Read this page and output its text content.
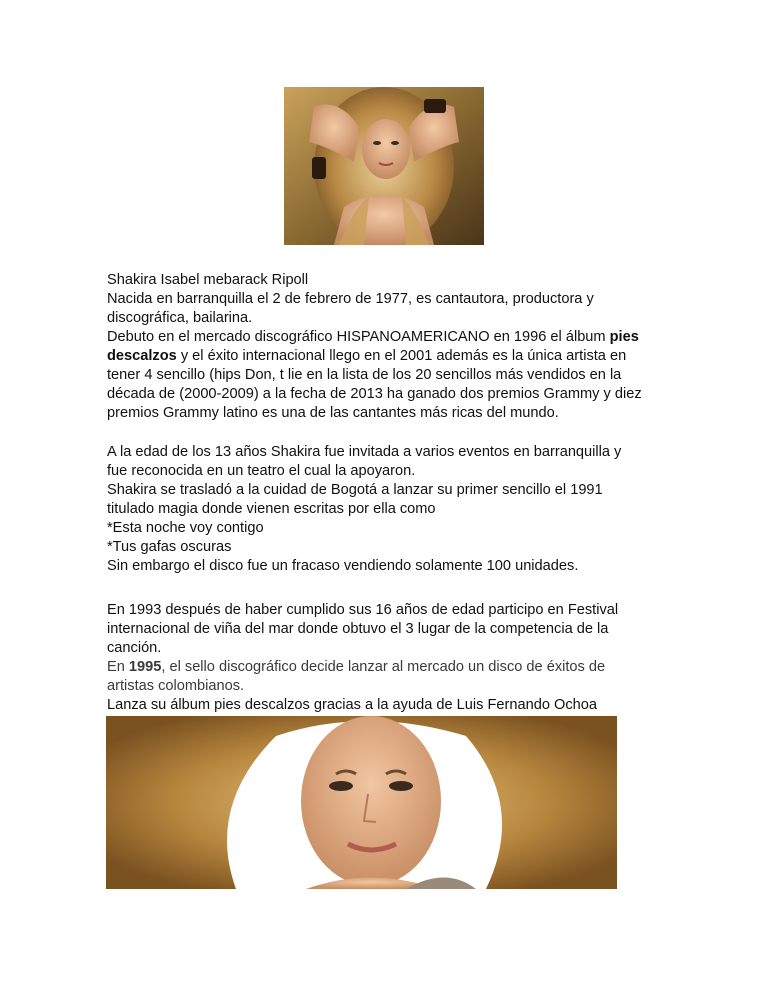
Shakira Isabel mebarack Ripoll
Nacida en barranquilla el 2 de febrero de 1977, es cantautora, productora y
discográfica, bailarina.
Debuto en el mercado discográfico HISPANOAMERICANO en 1996 el álbum pies
descalzos y el éxito internacional llego en el 2001 además es la única artista en
tener 4 sencillo (hips Don, t lie en la lista de los 20 sencillos más vendidos en la
década de (2000-2009) a la fecha de 2013 ha ganado dos premios Grammy y diez
premios Grammy latino es una de las cantantes más ricas del mundo.
A la edad de los 13 años Shakira fue invitada a varios eventos en barranquilla y
fue reconocida en un teatro el cual la apoyaron.
Shakira se trasladó a la cuidad de Bogotá a lanzar su primer sencillo el 1991
titulado magia donde vienen escritas por ella como
*Esta noche voy contigo
*Tus gafas oscuras
Sin embargo el disco fue un fracaso vendiendo solamente 100 unidades.
En 1993 después de haber cumplido sus 16 años de edad participo en Festival
internacional de viña del mar donde obtuvo el 3 lugar de la competencia de la
canción.
En 1995, el sello discográfico decide lanzar al mercado un disco de éxitos de
artistas colombianos.
Lanza su álbum pies descalzos gracias a la ayuda de Luis Fernando Ochoa
